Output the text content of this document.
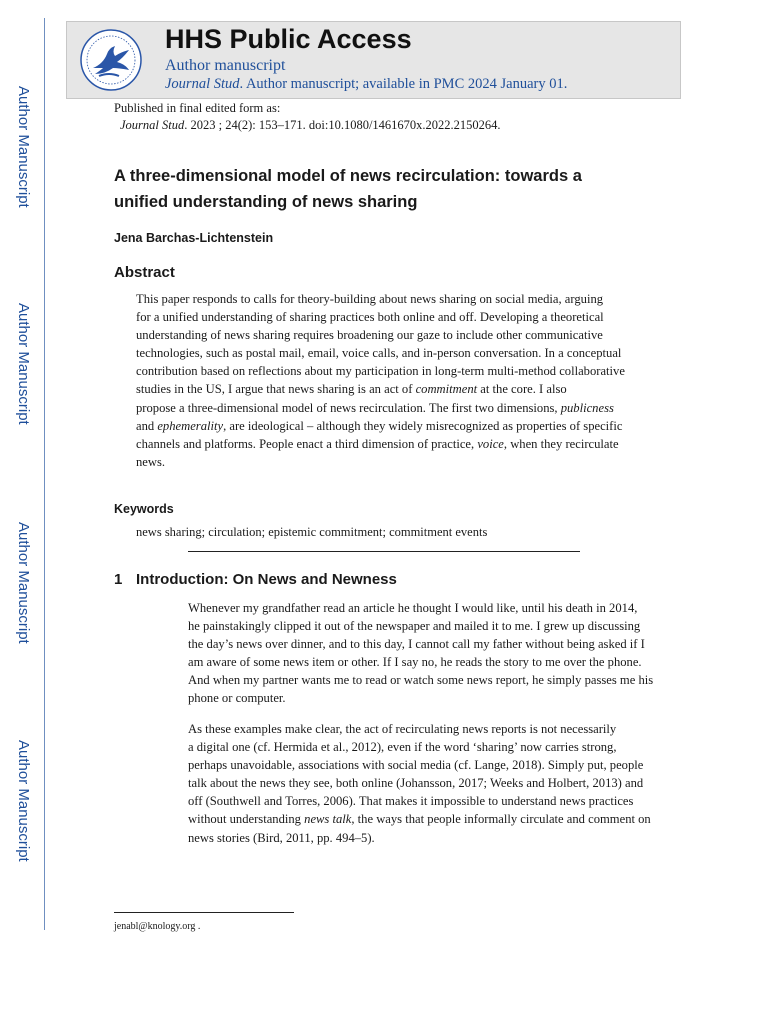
Author Manuscript
Author Manuscript
Author Manuscript
Author Manuscript
HHS Public Access
Author manuscript
Journal Stud. Author manuscript; available in PMC 2024 January 01.
Published in final edited form as:
Journal Stud. 2023 ; 24(2): 153–171. doi:10.1080/1461670x.2022.2150264.
A three-dimensional model of news recirculation: towards a
unified understanding of news sharing
Jena Barchas-Lichtenstein
Abstract
This paper responds to calls for theory-building about news sharing on social media, arguing
for a unified understanding of sharing practices both online and off. Developing a theoretical
understanding of news sharing requires broadening our gaze to include other communicative
technologies, such as postal mail, email, voice calls, and in-person conversation. In a conceptual
contribution based on reflections about my participation in long-term multi-method collaborative
studies in the US, I argue that news sharing is an act of commitment at the core. I also
propose a three-dimensional model of news recirculation. The first two dimensions, publicness
and ephemerality, are ideological – although they widely misrecognized as properties of specific
channels and platforms. People enact a third dimension of practice, voice, when they recirculate
news.
Keywords
news sharing; circulation; epistemic commitment; commitment events
1 Introduction: On News and Newness
Whenever my grandfather read an article he thought I would like, until his death in 2014,
he painstakingly clipped it out of the newspaper and mailed it to me. I grew up discussing
the day’s news over dinner, and to this day, I cannot call my father without being asked if I
am aware of some news item or other. If I say no, he reads the story to me over the phone.
And when my partner wants me to read or watch some news report, he simply passes me his
phone or computer.
As these examples make clear, the act of recirculating news reports is not necessarily
a digital one (cf. Hermida et al., 2012), even if the word ‘sharing’ now carries strong,
perhaps unavoidable, associations with social media (cf. Lange, 2018). Simply put, people
talk about the news they see, both online (Johansson, 2017; Weeks and Holbert, 2013) and
off (Southwell and Torres, 2006). That makes it impossible to understand news practices
without understanding news talk, the ways that people informally circulate and comment on
news stories (Bird, 2011, pp. 494–5).
jenabl@knology.org .
